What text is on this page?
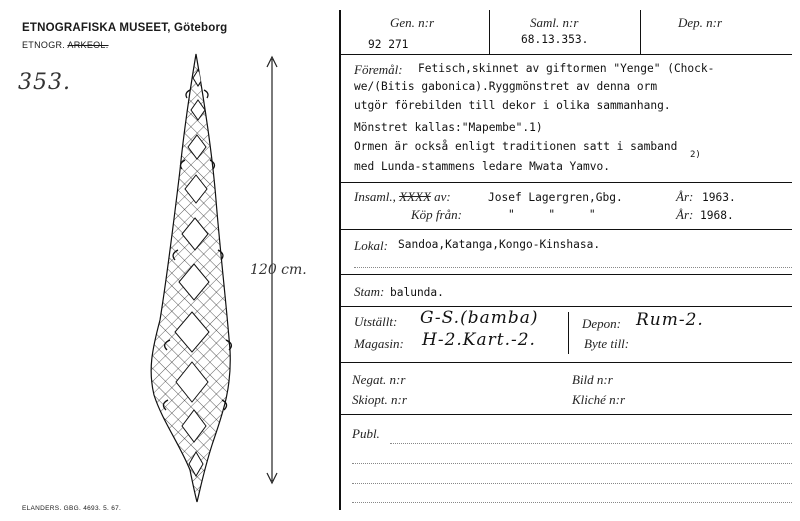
ETNOGRAFISKA MUSEET, Göteborg
ETNOGR. ARKEOL.
353.
120 cm.
ELANDERS. GBG. 4693. 5. 67.
Gen. n:r
92 271
Saml. n:r
68.13.353.
Dep. n:r
Föremål: Fetisch,skinnet av giftormen "Yenge" (Chock-
we/(Bitis gabonica).Ryggmönstret av denna orm
utgör förebilden till dekor i olika sammanhang.
Mönstret kallas:"Mapembe".1)
Ormen är också enligt traditionen satt i samband
med Lunda-stammens ledare Mwata Yamvo.
2)
Insaml., XXXX av:	Josef Lagergren,Gbg.	År: 1963.
Köp från:	"     "     "	År: 1968.
Lokal: Sandoa,Katanga,Kongo-Kinshasa.
Stam: balunda.
Utställt: G-S.(bamba)	Depon: Rum-2.
Magasin: H-2.Kart.-2.	Byte till:
Negat. n:r	Bild n:r
Skiopt. n:r	Kliché n:r
Publ.
